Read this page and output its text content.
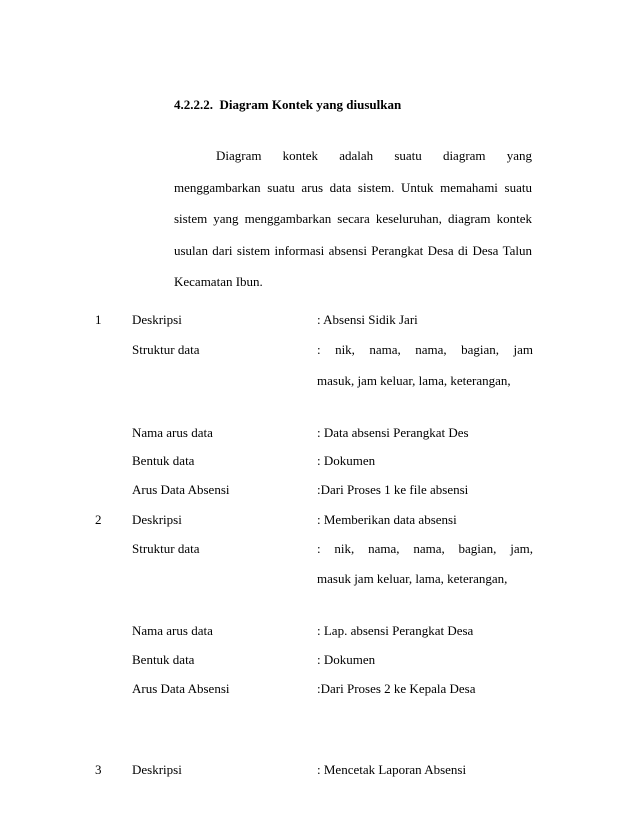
4.2.2.2. Diagram Kontek yang diusulkan

Diagram kontek adalah suatu diagram yang menggambarkan suatu arus data sistem. Untuk memahami suatu sistem yang menggambarkan secara keseluruhan, diagram kontek usulan dari sistem informasi absensi Perangkat Desa di Desa Talun Kecamatan Ibun.

1 Deskripsi	: Absensi Sidik Jari
Struktur data	: nik, nama, nama, bagian, jam
masuk, jam keluar, lama, keterangan,
Nama arus data	: Data absensi Perangkat Des
Bentuk data	: Dokumen
Arus Data Absensi	:Dari Proses 1 ke file absensi
2 Deskripsi	: Memberikan data absensi
Struktur data	: nik, nama, nama, bagian, jam,
masuk jam keluar, lama, keterangan,
Nama arus data	: Lap. absensi Perangkat Desa
Bentuk data	: Dokumen
Arus Data Absensi	:Dari Proses 2 ke Kepala Desa
3 Deskripsi	: Mencetak Laporan Absensi
